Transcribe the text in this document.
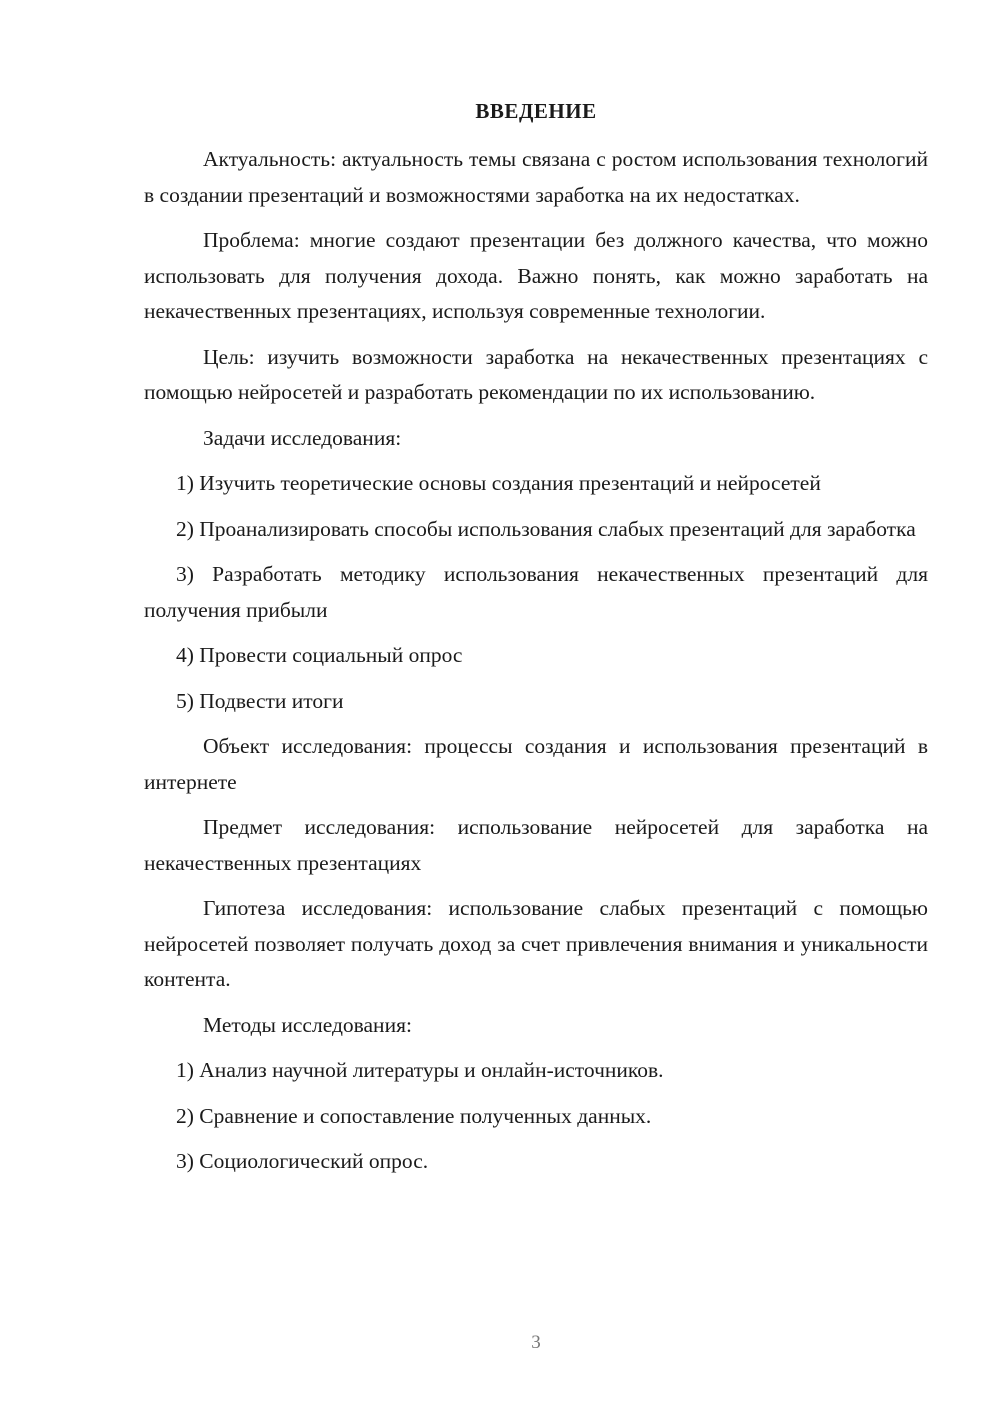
ВВЕДЕНИЕ

Актуальность: актуальность темы связана с ростом использования технологий в создании презентаций и возможностями заработка на их недостатках.

Проблема: многие создают презентации без должного качества, что можно использовать для получения дохода. Важно понять, как можно заработать на некачественных презентациях, используя современные технологии.

Цель: изучить возможности заработка на некачественных презентациях с помощью нейросетей и разработать рекомендации по их использованию.

Задачи исследования:

1) Изучить теоретические основы создания презентаций и нейросетей

2) Проанализировать способы использования слабых презентаций для заработка

3) Разработать методику использования некачественных презентаций для получения прибыли

4) Провести социальный опрос

5) Подвести итоги

Объект исследования: процессы создания и использования презентаций в интернете

Предмет исследования: использование нейросетей для заработка на некачественных презентациях

Гипотеза исследования: использование слабых презентаций с помощью нейросетей позволяет получать доход за счет привлечения внимания и уникальности контента.

Методы исследования:

1) Анализ научной литературы и онлайн-источников.

2) Сравнение и сопоставление полученных данных.

3) Социологический опрос.

3
